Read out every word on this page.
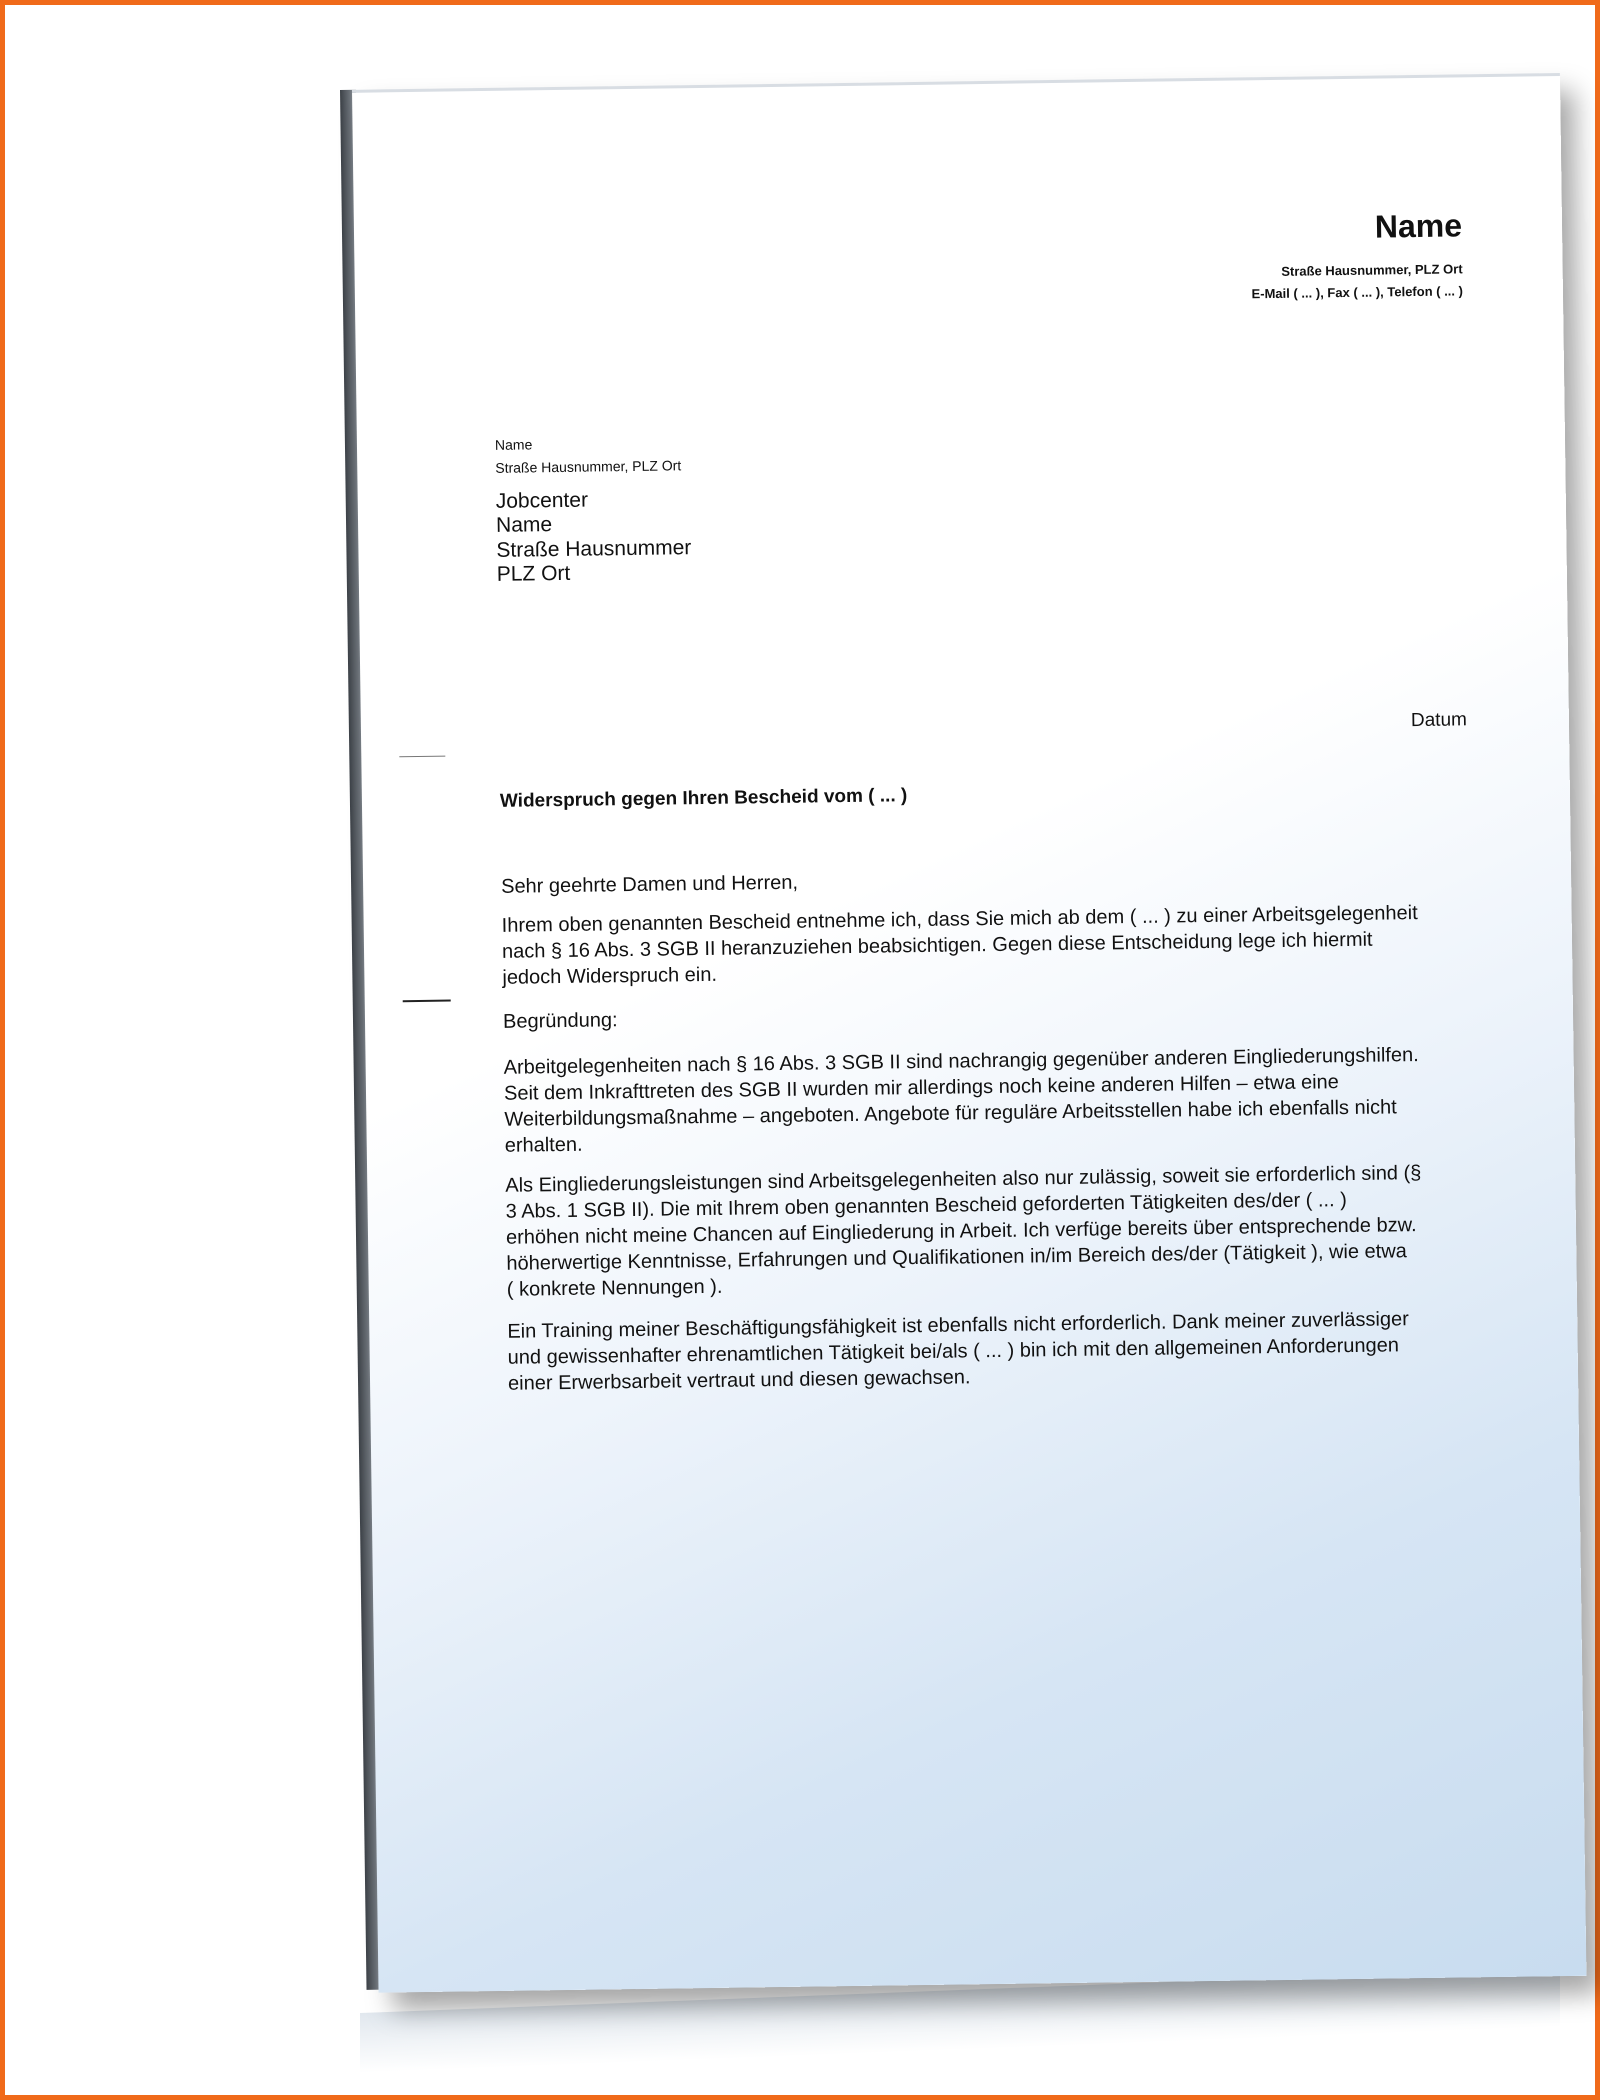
Name
Straße Hausnummer, PLZ Ort
E-Mail ( ... ), Fax ( ... ), Telefon ( ... )
Name
Straße Hausnummer, PLZ Ort
Jobcenter
Name
Straße Hausnummer
PLZ Ort
Datum
Widerspruch gegen Ihren Bescheid vom ( ... )
Sehr geehrte Damen und Herren,
Ihrem oben genannten Bescheid entnehme ich, dass Sie mich ab dem ( ... ) zu einer Arbeitsgelegenheit
nach § 16 Abs. 3 SGB II heranzuziehen beabsichtigen. Gegen diese Entscheidung lege ich hiermit
jedoch Widerspruch ein.
Begründung:
Arbeitgelegenheiten nach § 16 Abs. 3 SGB II sind nachrangig gegenüber anderen Eingliederungshilfen.
Seit dem Inkrafttreten des SGB II wurden mir allerdings noch keine anderen Hilfen – etwa eine
Weiterbildungsmaßnahme – angeboten. Angebote für reguläre Arbeitsstellen habe ich ebenfalls nicht
erhalten.
Als Eingliederungsleistungen sind Arbeitsgelegenheiten also nur zulässig, soweit sie erforderlich sind (§
3 Abs. 1 SGB II). Die mit Ihrem oben genannten Bescheid geforderten Tätigkeiten des/der ( ... )
erhöhen nicht meine Chancen auf Eingliederung in Arbeit. Ich verfüge bereits über entsprechende bzw.
höherwertige Kenntnisse, Erfahrungen und Qualifikationen in/im Bereich des/der (Tätigkeit ), wie etwa
( konkrete Nennungen ).
Ein Training meiner Beschäftigungsfähigkeit ist ebenfalls nicht erforderlich. Dank meiner zuverlässiger
und gewissenhafter ehrenamtlichen Tätigkeit bei/als ( ... ) bin ich mit den allgemeinen Anforderungen
einer Erwerbsarbeit vertraut und diesen gewachsen.
